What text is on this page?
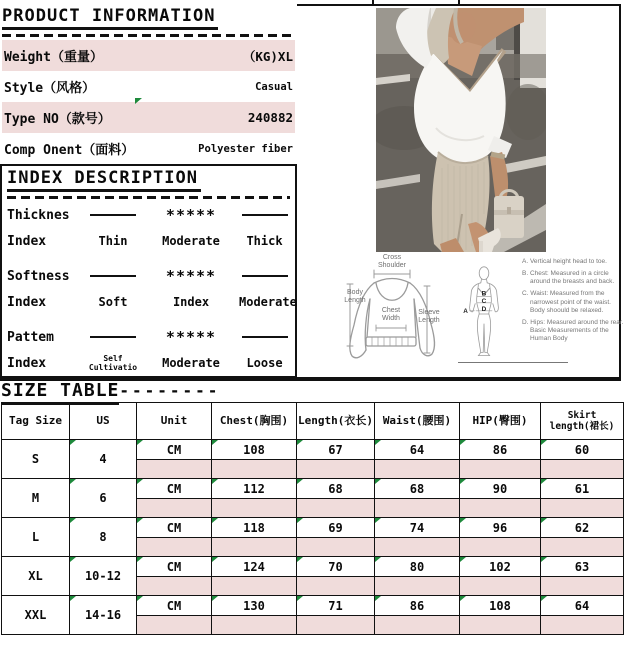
PRODUCT INFORMATION
Weight（重量）	（KG)XL
Style（风格）	Casual
Type NO（款号）	240882
Comp Onent（面料）	Polyester fiber
INDEX DESCRIPTION
Thicknes	*****
Index	Thin	Moderate	Thick
Softness	*****
Index	Soft	Index	Moderate
Pattem	*****
Index	Self Cultivatio	Moderate	Loose
Cross Shoulder
Body Length
Chest Width
Sleeve Length
B
C
D
A
A. Vertical height head to toe.
B. Chest: Measured in a circle around the breasts and back.
C. Waist: Measured from the narrowest point of the waist. Body shoould be relaxed.
D. Hips: Measured around the rear. Basic Measurements of the Human Body
SIZE TABLE--------
Tag Size	US	Unit	Chest(胸围)	Length(衣长)	Waist(腰围)	HIP(臀围)	Skirt length(裙长)
S	4	CM	108	67	64	86	60

M	6	CM	112	68	68	90	61

L	8	CM	118	69	74	96	62

XL	10-12	CM	124	70	80	102	63

XXL	14-16	CM	130	71	86	108	64
